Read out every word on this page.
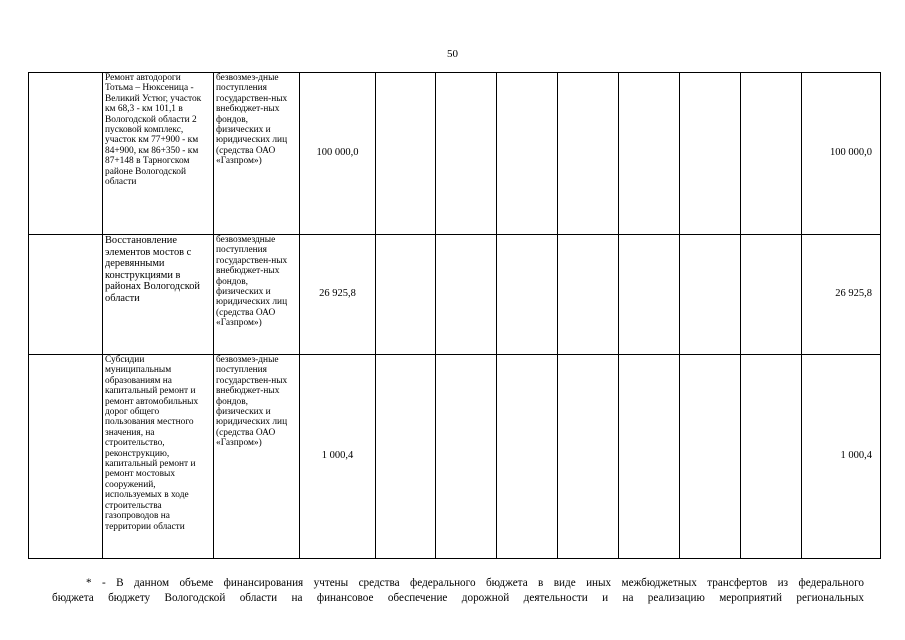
50
	Ремонт автодороги Тотьма – Нюксеница - Великий Устюг, участок км 68,3 - км 101,1 в Вологодской области 2 пусковой комплекс, участок км 77+900 - км 84+900, км 86+350 - км 87+148 в Тарногском районе Вологодской области	безвозмез-дные поступления государствен-ных внебюджет-ных фондов, физических и юридических лиц (средства ОАО «Газпром»)	100 000,0								100 000,0
	Восстановление элементов мостов с деревянными конструкциями в районах Вологодской области	безвозмездные поступления государствен-ных внебюджет-ных фондов, физических и юридических лиц (средства ОАО «Газпром»)	26 925,8								26 925,8
	Субсидии муниципальным образованиям на капитальный ремонт и ремонт автомобильных дорог общего пользования местного значения, на строительство, реконструкцию, капитальный ремонт и ремонт мостовых сооружений, используемых в ходе строительства газопроводов на территории области	безвозмез-дные поступления государствен-ных внебюджет-ных фондов, физических и юридических лиц (средства ОАО «Газпром»)	1 000,4								1 000,4
* - В данном объеме финансирования учтены средства федерального бюджета в виде иных межбюджетных трансфертов из федерального
бюджета бюджету Вологодской области на финансовое обеспечение дорожной деятельности и на реализацию мероприятий региональных
